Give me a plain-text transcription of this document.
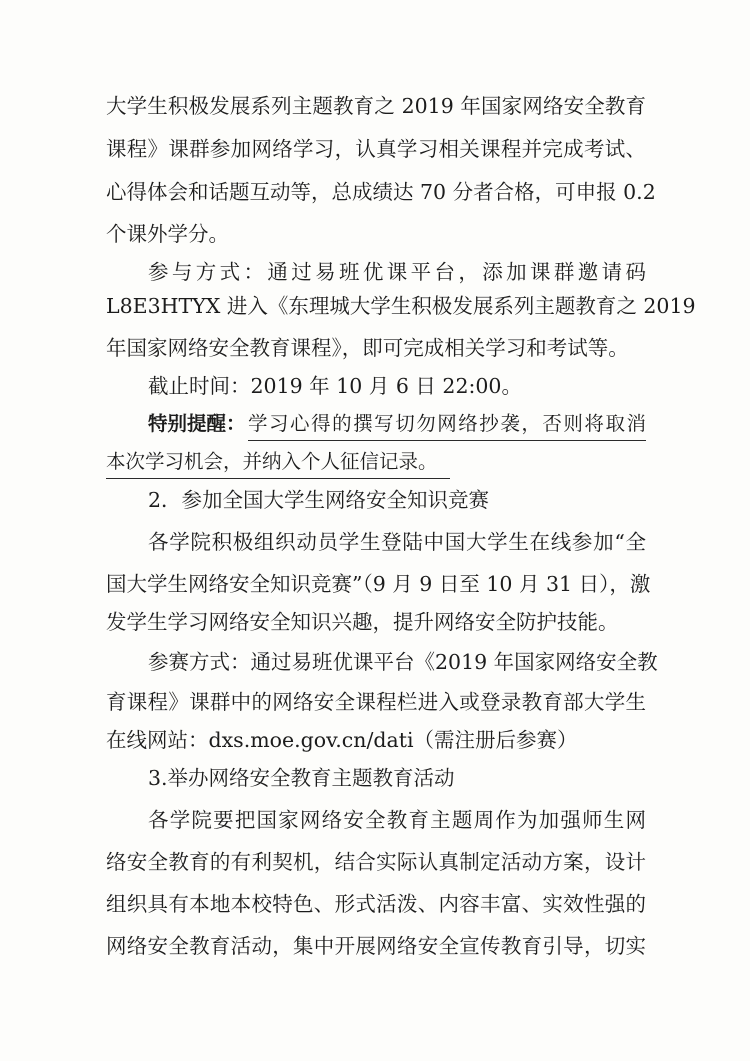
大学生积极发展系列主题教育之 2019 年国家网络安全教育
课程》课群参加网络学习，认真学习相关课程并完成考试、
心得体会和话题互动等，总成绩达 70 分者合格，可申报 0.2
个课外学分。
参与方式：通过易班优课平台，添加课群邀请码
L8E3HTYX 进入《东理城大学生积极发展系列主题教育之 2019
年国家网络安全教育课程》，即可完成相关学习和考试等。
截止时间：2019 年 10 月 6 日 22:00。
特别提醒： 学习心得的撰写切勿网络抄袭，否则将取消
本次学习机会，并纳入个人征信记录。
2．参加全国大学生网络安全知识竞赛
各学院积极组织动员学生登陆中国大学生在线参加“全
国大学生网络安全知识竞赛”（9 月 9 日至 10 月 31 日），激
发学生学习网络安全知识兴趣，提升网络安全防护技能。
参赛方式：通过易班优课平台《2019 年国家网络安全教
育课程》课群中的网络安全课程栏进入或登录教育部大学生
在线网站：dxs.moe.gov.cn/dati（需注册后参赛）
3.举办网络安全教育主题教育活动
各学院要把国家网络安全教育主题周作为加强师生网
络安全教育的有利契机，结合实际认真制定活动方案，设计
组织具有本地本校特色、形式活泼、内容丰富、实效性强的
网络安全教育活动，集中开展网络安全宣传教育引导，切实
